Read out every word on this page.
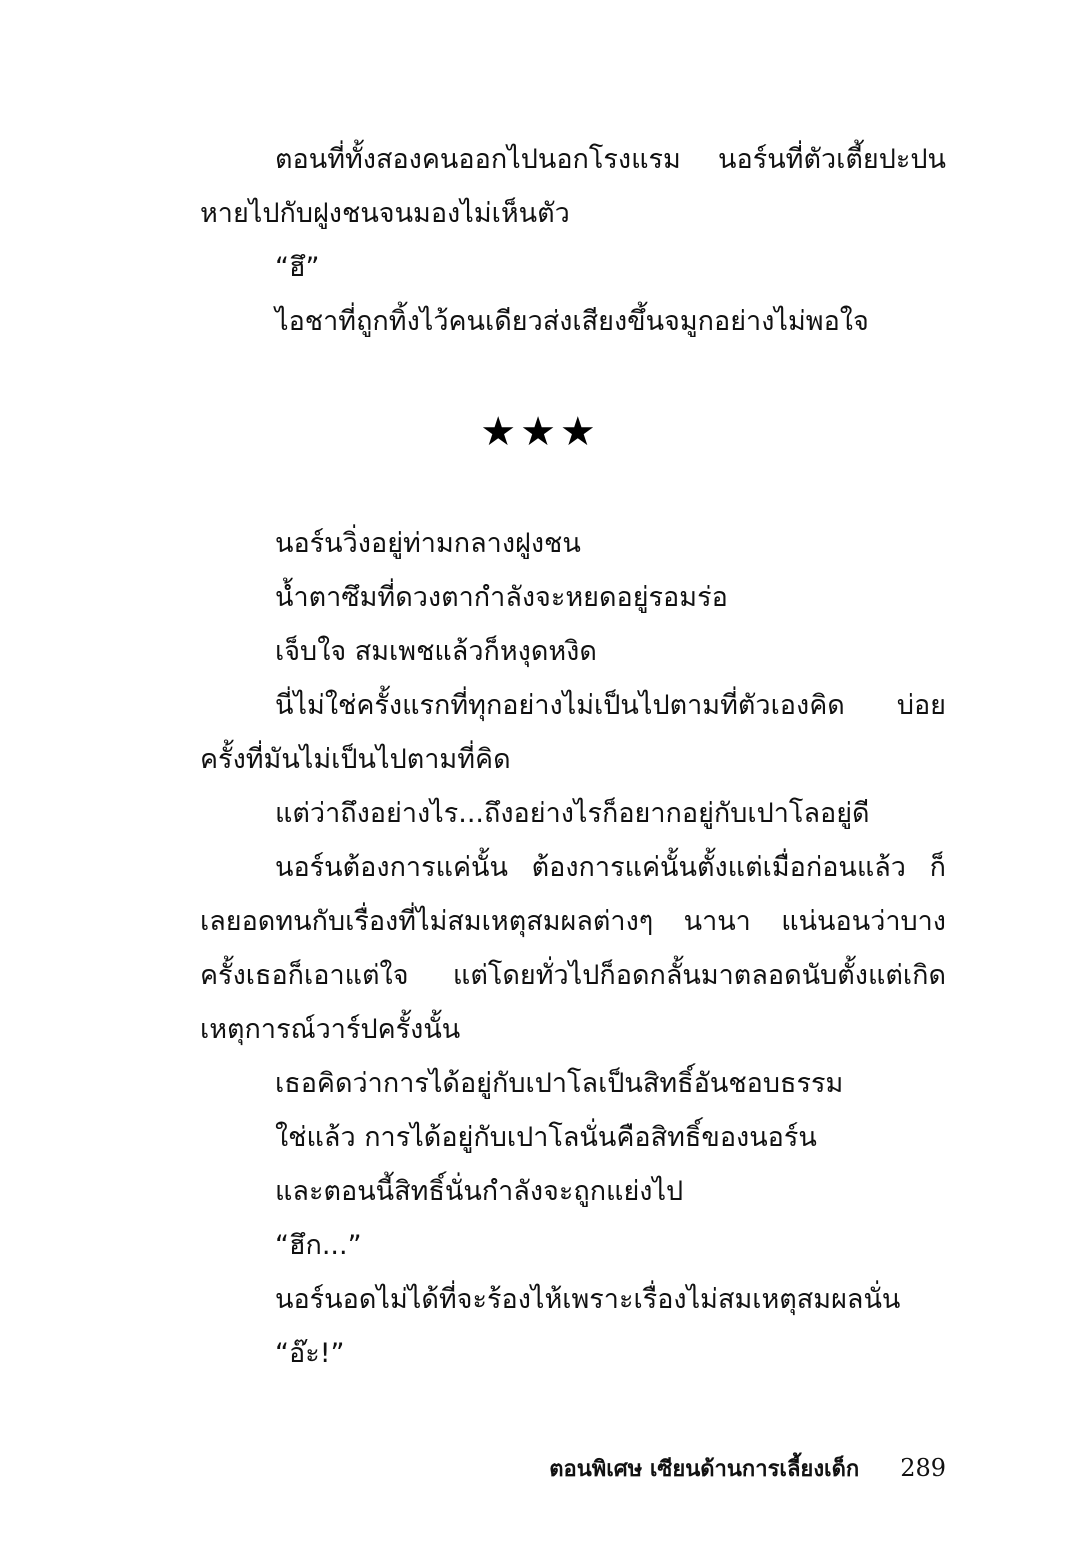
ตอนที่ทั้งสองคนออกไปนอกโรงแรม นอร์นที่ตัวเตี้ยปะปนหายไปกับฝูงชนจนมองไม่เห็นตัว

“ฮึ”

ไอชาที่ถูกทิ้งไว้คนเดียวส่งเสียงขึ้นจมูกอย่างไม่พอใจ

★★★

นอร์นวิ่งอยู่ท่ามกลางฝูงชน

น้ำตาซึมที่ดวงตากำลังจะหยดอยู่รอมร่อ

เจ็บใจ สมเพชแล้วก็หงุดหงิด

นี่ไม่ใช่ครั้งแรกที่ทุกอย่างไม่เป็นไปตามที่ตัวเองคิด บ่อยครั้งที่มันไม่เป็นไปตามที่คิด

แต่ว่าถึงอย่างไร...ถึงอย่างไรก็อยากอยู่กับเปาโลอยู่ดี

นอร์นต้องการแค่นั้น ต้องการแค่นั้นตั้งแต่เมื่อก่อนแล้ว ก็เลยอดทนกับเรื่องที่ไม่สมเหตุสมผลต่างๆ นานา แน่นอนว่าบางครั้งเธอก็เอาแต่ใจ แต่โดยทั่วไปก็อดกลั้นมาตลอดนับตั้งแต่เกิดเหตุการณ์วาร์ปครั้งนั้น

เธอคิดว่าการได้อยู่กับเปาโลเป็นสิทธิ์อันชอบธรรม

ใช่แล้ว การได้อยู่กับเปาโลนั่นคือสิทธิ์ของนอร์น

และตอนนี้สิทธิ์นั่นกำลังจะถูกแย่งไป

“ฮึก...”

นอร์นอดไม่ได้ที่จะร้องไห้เพราะเรื่องไม่สมเหตุสมผลนั่น

“อ๊ะ!”

ตอนพิเศษ เซียนด้านการเลี้ยงเด็ก 289
